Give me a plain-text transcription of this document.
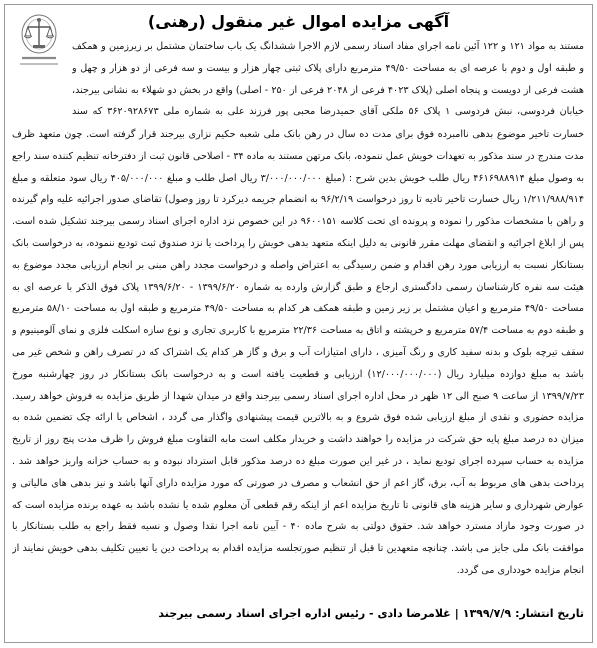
آگهی مزایده اموال غیر منقول (رهنی)

مستند به مواد ۱۲۱ و ۱۲۲ آئین نامه اجرای مفاد اسناد رسمی لازم الاجرا ششدانگ یک باب ساختمان مشتمل بر زیرزمین و همکف و طبقه اول و دوم با عرصه ای به مساحت ۴۹/۵۰ مترمربع دارای پلاک ثبتی چهار هزار و بیست و سه فرعی از دو هزار و چهل و هشت فرعی از دویست و پنجاه اصلی (پلاک ۴۰۲۳ فرعی از ۲۰۴۸ فرعی از ۲۵۰ - اصلی) واقع در بخش دو شهلاء به نشانی بیرجند، خیابان فردوسی، نبش فردوسی ۱ پلاک ۵۶ ملکی آقای حمیدرضا محبی پور فرزند علی به شماره ملی ۳۶۲۰۹۲۸۶۷۳ که سند

خسارت تاخیر موضوع بدهی ناامبرده فوق برای مدت ده سال در رهن بانک ملی شعبه حکیم نزاری بیرجند قرار گرفته است. چون متعهد ظرف مدت مندرج در سند مذکور به تعهدات خویش عمل ننموده، بانک مرتهن مستند به ماده ۳۴ - اصلاحی قانون ثبت از دفترخانه تنظیم کننده سند راجع به وصول مبلغ ۴۶۱۶۹۸۸۹۱۴ ریال طلب خویش بدین شرح : (مبلغ ۳/۰۰۰/۰۰۰/۰۰۰ ریال اصل طلب و مبلغ ۴۰۵/۰۰۰/۰۰۰ ریال سود متعلقه و مبلغ ۱/۲۱۱/۹۸۸/۹۱۴ ریال خسارت تاخیر تادیه تا روز درخواست ۹۶/۲/۱۹ به انضمام جریمه دیرکرد تا روز وصول) تقاضای صدور اجرائیه علیه وام گیرنده و راهن با مشخصات مذکور را نموده و پرونده ای تحت کلاسه ۹۶۰۰۱۵۱ در این خصوص نزد اداره اجرای اسناد رسمی بیرجند تشکیل شده است. پس از ابلاغ اجرائیه و انقضای مهلت مقرر قانونی به دلیل اینکه متعهد بدهی خویش را پرداخت یا نزد صندوق ثبت تودیع ننموده، به درخواست بانک بستانکار نسبت به ارزیابی مورد رهن اقدام و ضمن رسیدگی به اعتراض واصله و درخواست مجدد راهن مبنی بر انجام ارزیابی مجدد موضوع به هیئت سه نفره کارشناسان رسمی دادگستری ارجاع و طبق گزارش وارده به شماره ۱۳۹۹/۶/۲۰ - ۱۳۹۹/۶/۲۰ پلاک فوق الذکر با عرصه ای به مساحت ۴۹/۵۰ مترمربع و اعیان مشتمل بر زیر زمین و طبقه همکف هر کدام به مساحت ۴۹/۵۰ مترمربع و طبقه اول به مساحت ۵۸/۱۰ مترمربع و طبقه دوم به مساحت ۵۷/۴ مترمربع و خرپشته و اتاق به مساحت ۲۲/۳۶ مترمربع با کاربری تجاری و نوع سازه اسکلت فلزی و نمای آلومینیوم و سقف تیرچه بلوک و بدنه سفید کاری و رنگ آمیزی ، دارای امتیازات آب و برق و گاز هر کدام یک اشتراک که در تصرف راهن و شخص غیر می باشد به مبلغ دوازده میلیارد ریال (۱۲/۰۰۰/۰۰۰/۰۰۰) ارزیابی و قطعیت یافته است و به درخواست بانک بستانکار در روز چهارشنبه مورخ ۱۳۹۹/۷/۲۳ از ساعت ۹ صبح الی ۱۲ ظهر در محل اداره اجرای اسناد رسمی بیرجند واقع در میدان شهدا از طریق مزایده به فروش خواهد رسید. مزایده حضوری و نقدی از مبلغ ارزیابی شده فوق شروع و به بالاترین قیمت پیشنهادی واگذار می گردد ، اشخاص با ارائه چک تضمین شده به میزان ده درصد مبلغ پایه حق شرکت در مزایده را خواهند داشت و خریدار مکلف است مابه التفاوت مبلغ فروش را ظرف مدت پنج روز از تاریخ مزایده به حساب سپرده اجرای تودیع نماید ، در غیر این صورت مبلغ ده درصد مذکور قابل استرداد نبوده و به حساب خزانه واریز خواهد شد . پرداخت بدهی های مربوط به آب، برق، گاز اعم از حق انشعاب و مصرف در صورتی که مورد مزایده دارای آنها باشد و نیز بدهی های مالیاتی و عوارض شهرداری و سایر هزینه های قانونی تا تاریخ مزایده اعم از اینکه رقم قطعی آن معلوم شده یا نشده باشد به عهده برنده مزایده است که در صورت وجود مازاد مسترد خواهد شد. حقوق دولتی به شرح ماده ۴۰ - آیین نامه اجرا نقدا وصول و نسیه فقط راجع به طلب بستانکار با موافقت بانک ملی جایز می باشد. چنانچه متعهدین تا قبل از تنظیم صورتجلسه مزایده اقدام به پرداخت دین یا تعیین تکلیف بدهی خویش نمایند از انجام مزایده خودداری می گردد.

تاریخ انتشار:۱۳۹۹/۷/۹|غلامرضا دادی - رئیس اداره اجرای اسناد رسمی بیرجند
